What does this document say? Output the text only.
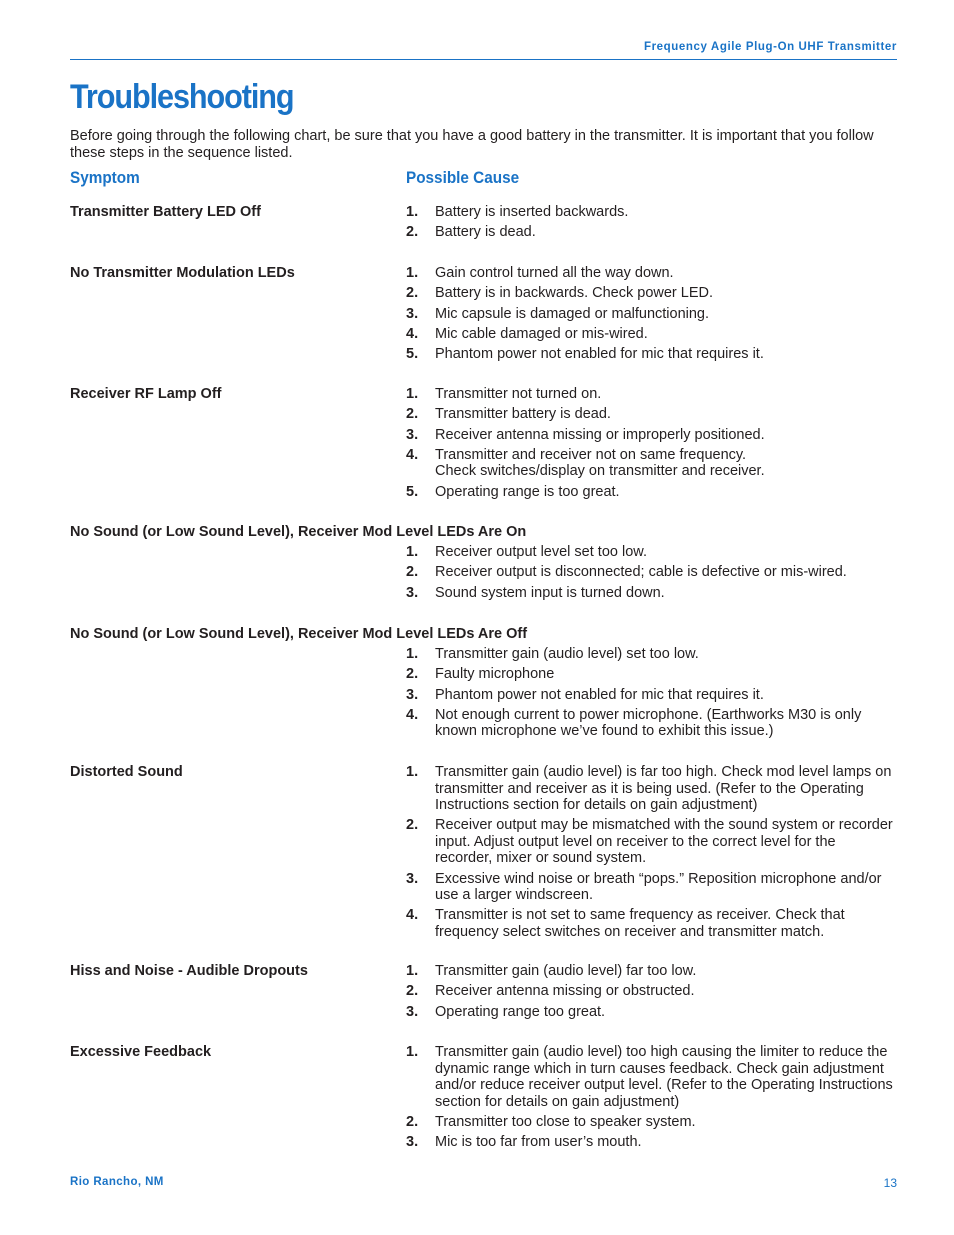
Frequency Agile Plug-On UHF Transmitter
Troubleshooting

Before going through the following chart, be sure that you have a good battery in the transmitter. It is important that you follow these steps in the sequence listed.

Symptom	Possible Cause
Transmitter Battery LED Off	1. Battery is inserted backwards.
2. Battery is dead.
No Transmitter Modulation LEDs	1. Gain control turned all the way down.
2. Battery is in backwards. Check power LED.
3. Mic capsule is damaged or malfunctioning.
4. Mic cable damaged or mis-wired.
5. Phantom power not enabled for mic that requires it.
Receiver RF Lamp Off	1. Transmitter not turned on.
2. Transmitter battery is dead.
3. Receiver antenna missing or improperly positioned.
4. Transmitter and receiver not on same frequency.
Check switches/display on transmitter and receiver.
5. Operating range is too great.
No Sound (or Low Sound Level), Receiver Mod Level LEDs Are On
1. Receiver output level set too low.
2. Receiver output is disconnected; cable is defective or mis-wired.
3. Sound system input is turned down.
No Sound (or Low Sound Level), Receiver Mod Level LEDs Are Off
1. Transmitter gain (audio level) set too low.
2. Faulty microphone
3. Phantom power not enabled for mic that requires it.
4. Not enough current to power microphone. (Earthworks M30 is only known microphone we’ve found to exhibit this issue.)
Distorted Sound	1. Transmitter gain (audio level) is far too high. Check mod level lamps on transmitter and receiver as it is being used. (Refer to the Operating Instructions section for details on gain adjustment)
2. Receiver output may be mismatched with the sound system or recorder input. Adjust output level on receiver to the correct level for the recorder, mixer or sound system.
3. Excessive wind noise or breath “pops.” Reposition microphone and/or use a larger windscreen.
4. Transmitter is not set to same frequency as receiver. Check that frequency select switches on receiver and transmitter match.
Hiss and Noise - Audible Dropouts	1. Transmitter gain (audio level) far too low.
2. Receiver antenna missing or obstructed.
3. Operating range too great.
Excessive Feedback	1. Transmitter gain (audio level) too high causing the limiter to reduce the dynamic range which in turn causes feedback. Check gain adjustment and/or reduce receiver output level. (Refer to the Operating Instructions section for details on gain adjustment)
2. Transmitter too close to speaker system.
3. Mic is too far from user’s mouth.
Rio Rancho, NM	13
